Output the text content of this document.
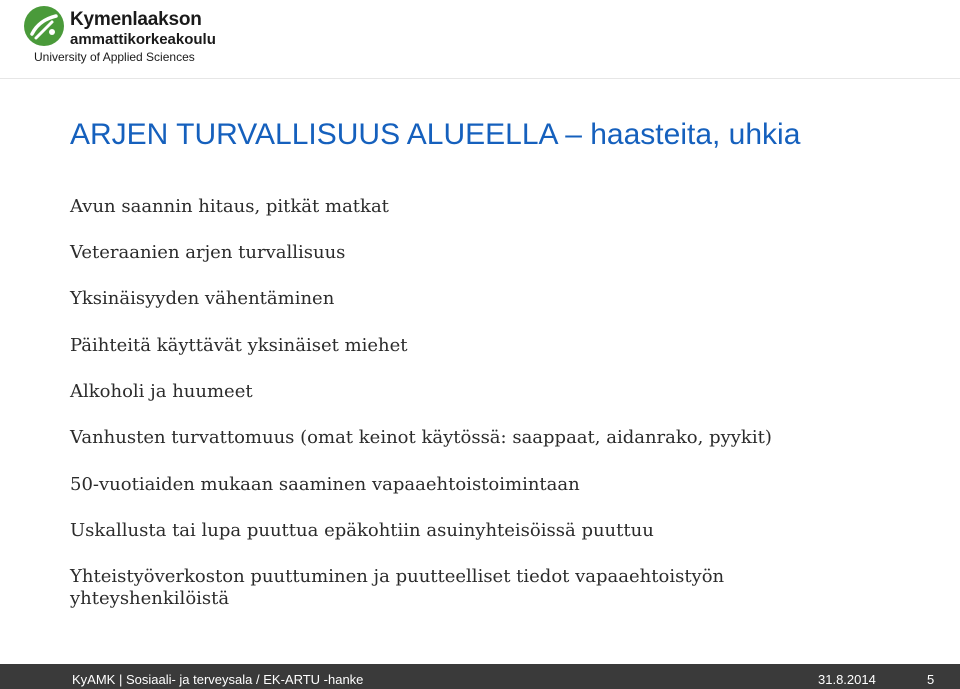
Kymenlaakson
ammattikorkeakoulu
University of Applied Sciences
ARJEN TURVALLISUUS ALUEELLA – haasteita, uhkia
Avun saannin hitaus, pitkät matkat
Veteraanien arjen turvallisuus
Yksinäisyyden vähentäminen
Päihteitä käyttävät yksinäiset miehet
Alkoholi ja huumeet
Vanhusten turvattomuus (omat keinot käytössä: saappaat, aidanrako, pyykit)
50-vuotiaiden mukaan saaminen vapaaehtoistoimintaan
Uskallusta tai lupa puuttua epäkohtiin asuinyhteisöissä puuttuu
Yhteistyöverkoston puuttuminen ja puutteelliset tiedot vapaaehtoistyön yhteyshenkilöistä
KyAMK | Sosiaali- ja terveysala / EK-ARTU -hanke	31.8.2014	5
